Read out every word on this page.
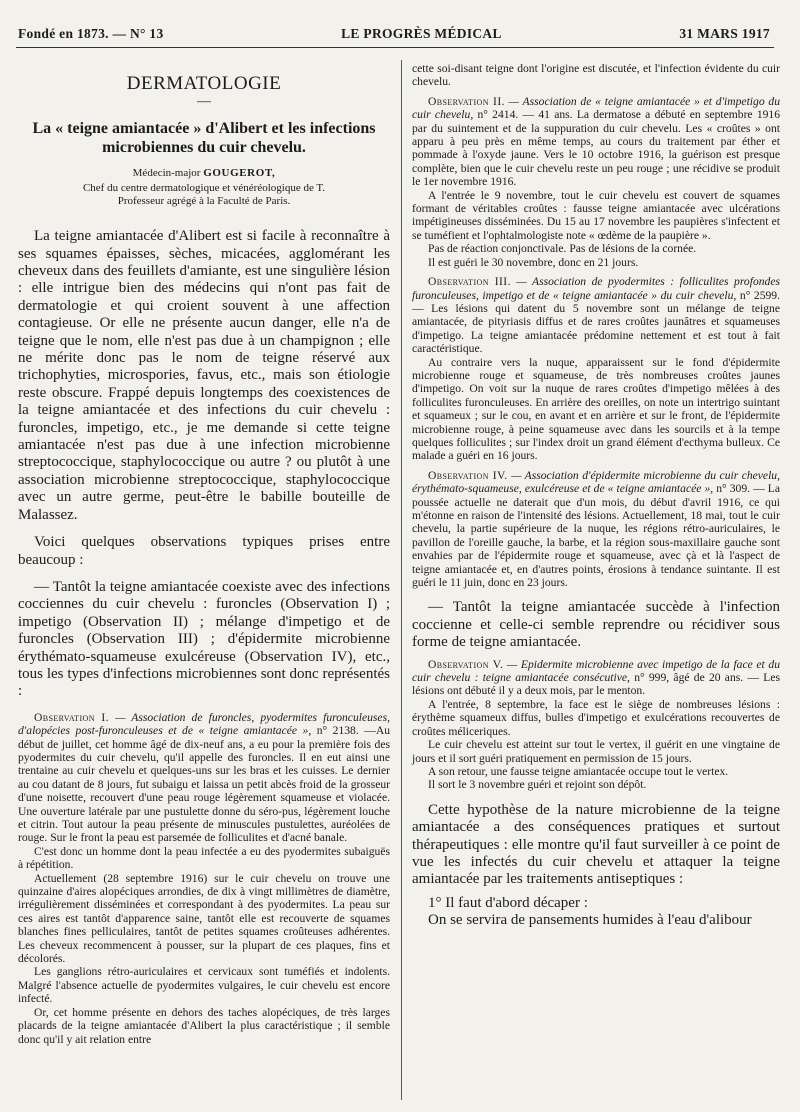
Fondé en 1873. — N° 13	LE PROGRÈS MÉDICAL	31 MARS 1917
DERMATOLOGIE
—
La « teigne amiantacée » d'Alibert et les infections microbiennes du cuir chevelu.
Médecin-major GOUGEROT,
Chef du centre dermatologique et vénéréologique de T.
Professeur agrégé à la Faculté de Paris.

La teigne amiantacée d'Alibert est si facile à reconnaître à ses squames épaisses, sèches, micacées, agglomérant les cheveux dans des feuillets d'amiante, est une singulière lésion : elle intrigue bien des médecins qui n'ont pas fait de dermatologie et qui croient souvent à une affection contagieuse. Or elle ne présente aucun danger, elle n'a de teigne que le nom, elle n'est pas due à un champignon ; elle ne mérite donc pas le nom de teigne réservé aux trichophyties, microspories, favus, etc., mais son étiologie reste obscure. Frappé depuis longtemps des coexistences de la teigne amiantacée et des infections du cuir chevelu : furoncles, impetigo, etc., je me demande si cette teigne amiantacée n'est pas due à une infection microbienne streptococcique, staphylococcique ou autre ? ou plutôt à une association microbienne streptococcique, staphylococcique avec un autre germe, peut-être le babille bouteille de Malassez.

Voici quelques observations typiques prises entre beaucoup :

— Tantôt la teigne amiantacée coexiste avec des infections cocciennes du cuir chevelu : furoncles (Observation I) ; impetigo (Observation II) ; mélange d'impetigo et de furoncles (Observation III) ; d'épidermite microbienne érythémato-squameuse exulcéreuse (Observation IV), etc., tous les types d'infections microbiennes sont donc représentés :

Observation I. — Association de furoncles, pyodermites furonculeuses, d'alopécies post-furonculeuses et de « teigne amiantacée », n° 2138. —Au début de juillet, cet homme âgé de dix-neuf ans, a eu pour la première fois des pyodermites du cuir chevelu, qu'il appelle des furoncles. Il en eut ainsi une trentaine au cuir chevelu et quelques-uns sur les bras et les cuisses. Le dernier au cou datant de 8 jours, fut subaigu et laissa un petit abcès froid de la grosseur d'une noisette, recouvert d'une peau rouge légèrement squameuse et violacée. Une ouverture latérale par une pustulette donne du séro-pus, légèrement louche et citrin. Tout autour la peau présente de minuscules pustulettes, auréolées de rouge. Sur le front la peau est parsemée de folliculites et d'acné banale.

C'est donc un homme dont la peau infectée a eu des pyodermites subaiguës à répétition.

Actuellement (28 septembre 1916) sur le cuir chevelu on trouve une quinzaine d'aires alopéciques arrondies, de dix à vingt millimètres de diamètre, irrégulièrement disséminées et correspondant à des pyodermites. La peau sur ces aires est tantôt d'apparence saine, tantôt elle est recouverte de squames blanches fines pelliculaires, tantôt de petites squames croûteuses adhérentes. Les cheveux recommencent à pousser, sur la plupart de ces plaques, fins et décolorés.

Les ganglions rétro-auriculaires et cervicaux sont tuméfiés et indolents. Malgré l'absence actuelle de pyodermites vulgaires, le cuir chevelu est encore infecté.

Or, cet homme présente en dehors des taches alopéciques, de très larges placards de la teigne amiantacée d'Alibert la plus caractéristique ; il semble donc qu'il y ait relation entre

cette soi-disant teigne dont l'origine est discutée, et l'infection évidente du cuir chevelu.

Observation II. — Association de « teigne amiantacée » et d'impetigo du cuir chevelu, n° 2414. — 41 ans. La dermatose a débuté en septembre 1916 par du suintement et de la suppuration du cuir chevelu. Les « croûtes » ont apparu à peu près en même temps, au cours du traitement par éther et pommade à l'oxyde jaune. Vers le 10 octobre 1916, la guérison est presque complète, bien que le cuir chevelu reste un peu rouge ; une récidive se produit le 1er novembre 1916.

A l'entrée le 9 novembre, tout le cuir chevelu est couvert de squames formant de véritables croûtes : fausse teigne amiantacée avec ulcérations impétigineuses disséminées. Du 15 au 17 novembre les paupières s'infectent et se tuméfient et l'ophtalmologiste note « œdème de la paupière ».

Pas de réaction conjonctivale. Pas de lésions de la cornée.

Il est guéri le 30 novembre, donc en 21 jours.

Observation III. — Association de pyodermites : folliculites profondes furonculeuses, impetigo et de « teigne amiantacée » du cuir chevelu, n° 2599. — Les lésions qui datent du 5 novembre sont un mélange de teigne amiantacée, de pityriasis diffus et de rares croûtes jaunâtres et squameuses d'impetigo. La teigne amiantacée prédomine nettement et est tout à fait caractéristique.

Au contraire vers la nuque, apparaissent sur le fond d'épidermite microbienne rouge et squameuse, de très nombreuses croûtes jaunes d'impetigo. On voit sur la nuque de rares croûtes d'impetigo mêlées à des folliculites furonculeuses. En arrière des oreilles, on note un intertrigo suintant et squameux ; sur le cou, en avant et en arrière et sur le front, de l'épidermite microbienne rouge, à peine squameuse avec dans les sourcils et à la tempe quelques folliculites ; sur l'index droit un grand élément d'ecthyma bulleux. Ce malade a guéri en 16 jours.

Observation IV. — Association d'épidermite microbienne du cuir chevelu, érythémato-squameuse, exulcéreuse et de « teigne amiantacée », n° 309. — La poussée actuelle ne daterait que d'un mois, du début d'avril 1916, ce qui m'étonne en raison de l'intensité des lésions. Actuellement, 18 mai, tout le cuir chevelu, la partie supérieure de la nuque, les régions rétro-auriculaires, le pavillon de l'oreille gauche, la barbe, et la région sous-maxillaire gauche sont envahies par de l'épidermite rouge et squameuse, avec çà et là l'aspect de teigne amiantacée et, en d'autres points, érosions à tendance suintante. Il est guéri le 11 juin, donc en 23 jours.

— Tantôt la teigne amiantacée succède à l'infection coccienne et celle-ci semble reprendre ou récidiver sous forme de teigne amiantacée.

Observation V. — Epidermite microbienne avec impetigo de la face et du cuir chevelu : teigne amiantacée consécutive, n° 999, âgé de 20 ans. — Les lésions ont débuté il y a deux mois, par le menton.

A l'entrée, 8 septembre, la face est le siège de nombreuses lésions : érythème squameux diffus, bulles d'impetigo et exulcérations recouvertes de croûtes méliceriques.

Le cuir chevelu est atteint sur tout le vertex, il guérit en une vingtaine de jours et il sort guéri pratiquement en permission de 15 jours.

A son retour, une fausse teigne amiantacée occupe tout le vertex.

Il sort le 3 novembre guéri et rejoint son dépôt.

Cette hypothèse de la nature microbienne de la teigne amiantacée a des conséquences pratiques et surtout thérapeutiques : elle montre qu'il faut surveiller à ce point de vue les infectés du cuir chevelu et attaquer la teigne amiantacée par les traitements antiseptiques :

1° Il faut d'abord décaper :

On se servira de pansements humides à l'eau d'alibour
